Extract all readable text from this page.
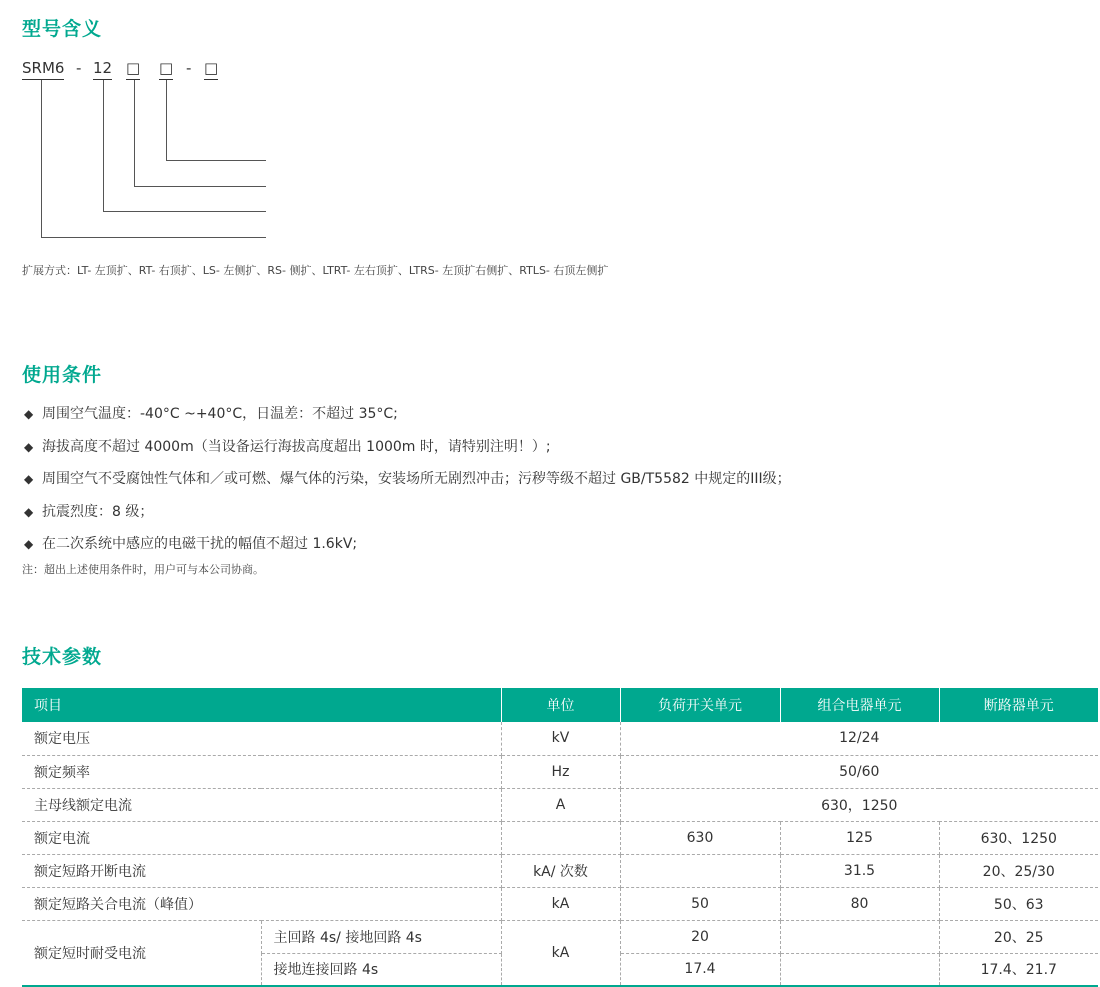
型号含义
SRM6 - 12 □ □ - □
扩展方式：LT- 左顶扩、RT- 右顶扩、LS- 左侧扩、RS- 侧扩、LTRT- 左右顶扩、LTRS- 左顶扩右侧扩、RTLS- 右顶左侧扩
使用条件
◆ 周围空气温度：-40°C ~+40°C，日温差：不超过 35°C;
◆ 海拔高度不超过 4000m（当设备运行海拔高度超出 1000m 时，请特别注明！）;
◆ 周围空气不受腐蚀性气体和／或可燃、爆气体的污染，安装场所无剧烈冲击；污秽等级不超过 GB/T5582 中规定的III级；
◆ 抗震烈度：8 级；
◆ 在二次系统中感应的电磁干扰的幅值不超过 1.6kV;
注：超出上述使用条件时，用户可与本公司协商。
技术参数
项目		单位	负荷开关单元	组合电器单元	断路器单元
额定电压		kV	12/24		
额定频率		Hz	50/60		
主母线额定电流		A	630，1250		
额定电流			630	125	630、1250
额定短路开断电流		kA/ 次数		31.5	20、25/30
额定短路关合电流（峰值）		kA	50	80	50、63
额定短时耐受电流	主回路 4s/ 接地回路 4s	kA	20		20、25
	接地连接回路 4s		17.4		17.4、21.7
